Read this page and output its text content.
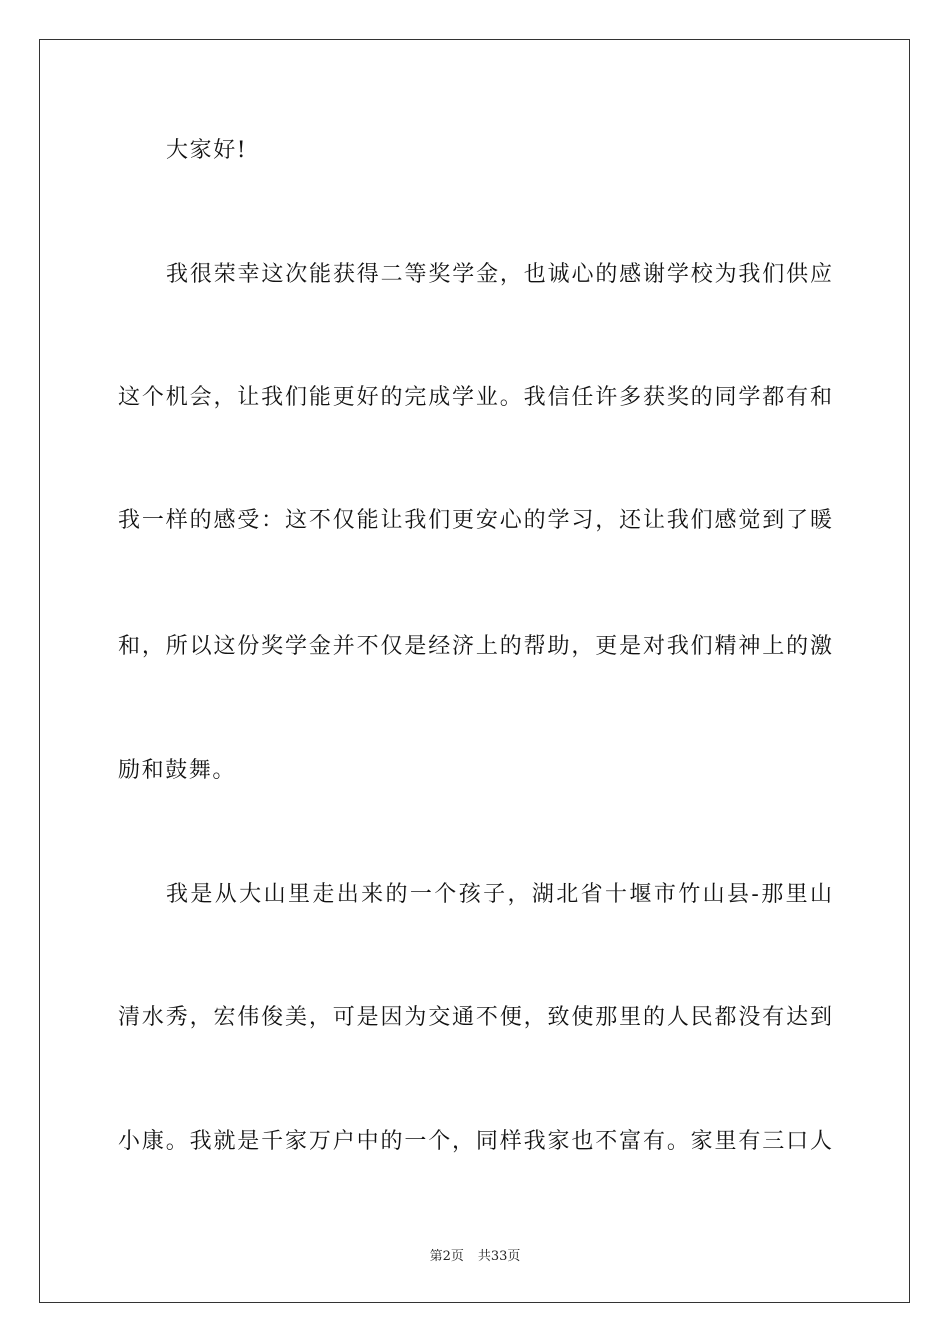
大家好!
我很荣幸这次能获得二等奖学金，也诚心的感谢学校为我们供应
这个机会，让我们能更好的完成学业。我信任许多获奖的同学都有和
我一样的感受：这不仅能让我们更安心的学习，还让我们感觉到了暖
和，所以这份奖学金并不仅是经济上的帮助，更是对我们精神上的激
励和鼓舞。
我是从大山里走出来的一个孩子，湖北省十堰市竹山县-那里山
清水秀，宏伟俊美，可是因为交通不便，致使那里的人民都没有达到
小康。我就是千家万户中的一个，同样我家也不富有。家里有三口人
第2页 共33页
